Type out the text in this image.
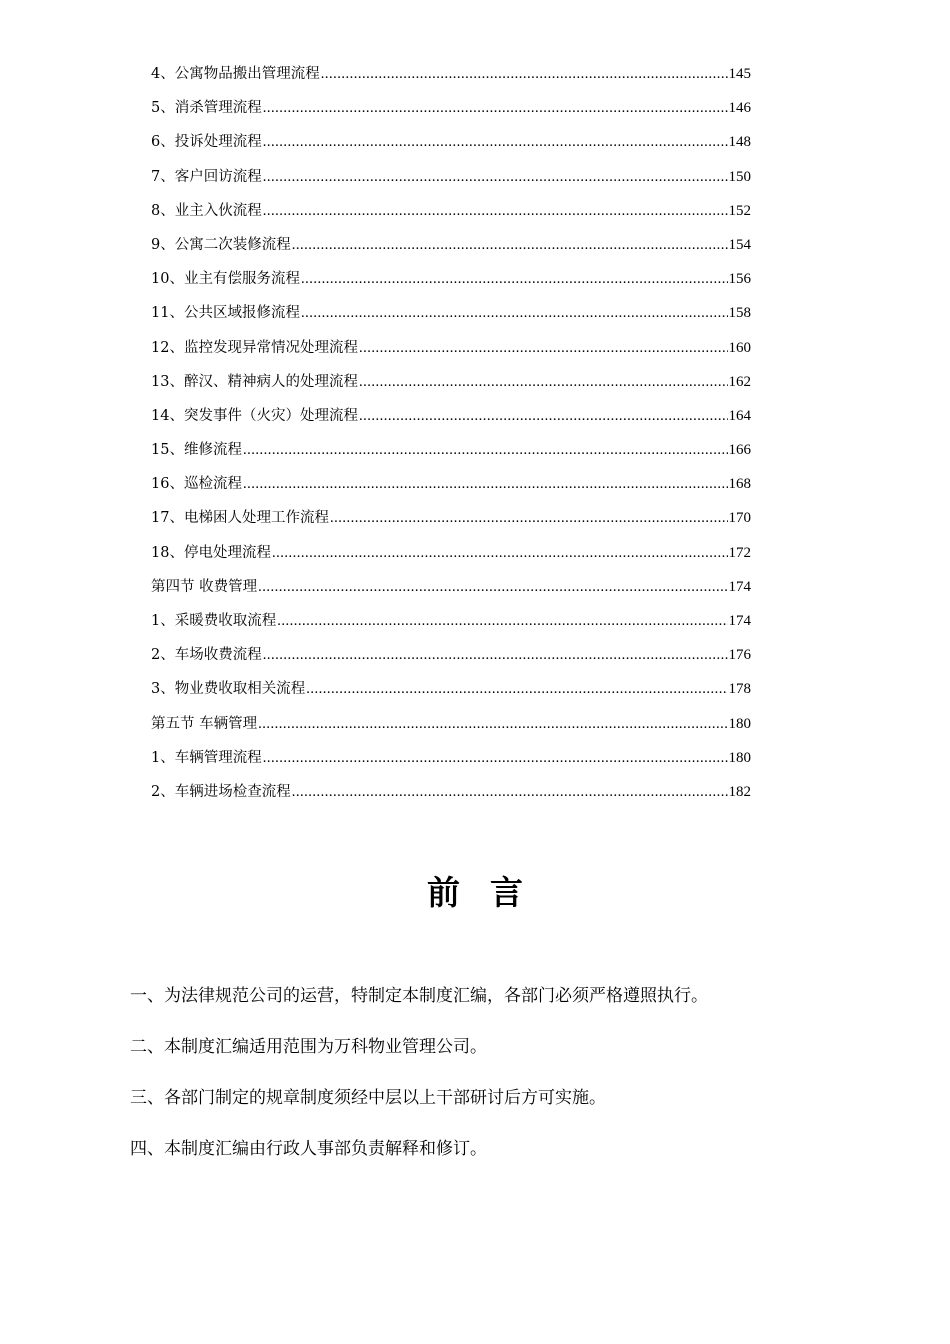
4、公寓物品搬出管理流程 .....	145
5、消杀管理流程 .....	146
6、投诉处理流程 .....	148
7、客户回访流程 .....	150
8、业主入伙流程 .....	152
9、公寓二次装修流程 .....	154
10、业主有偿服务流程 .....	156
11、公共区域报修流程 .....	158
12、监控发现异常情况处理流程 .....	160
13、醉汉、精神病人的处理流程 .....	162
14、突发事件（火灾）处理流程 .....	164
15、维修流程 .....	166
16、巡检流程 .....	168
17、电梯困人处理工作流程 .....	170
18、停电处理流程 .....	172
第四节 收费管理 .....	174
1、采暖费收取流程 .....	174
2、车场收费流程 .....	176
3、物业费收取相关流程 .....	178
第五节 车辆管理 .....	180
1、车辆管理流程 .....	180
2、车辆进场检查流程 .....	182
前言
一、为法律规范公司的运营，特制定本制度汇编，各部门必须严格遵照执行。
二、本制度汇编适用范围为万科物业管理公司。
三、各部门制定的规章制度须经中层以上干部研讨后方可实施。
四、本制度汇编由行政人事部负责解释和修订。
